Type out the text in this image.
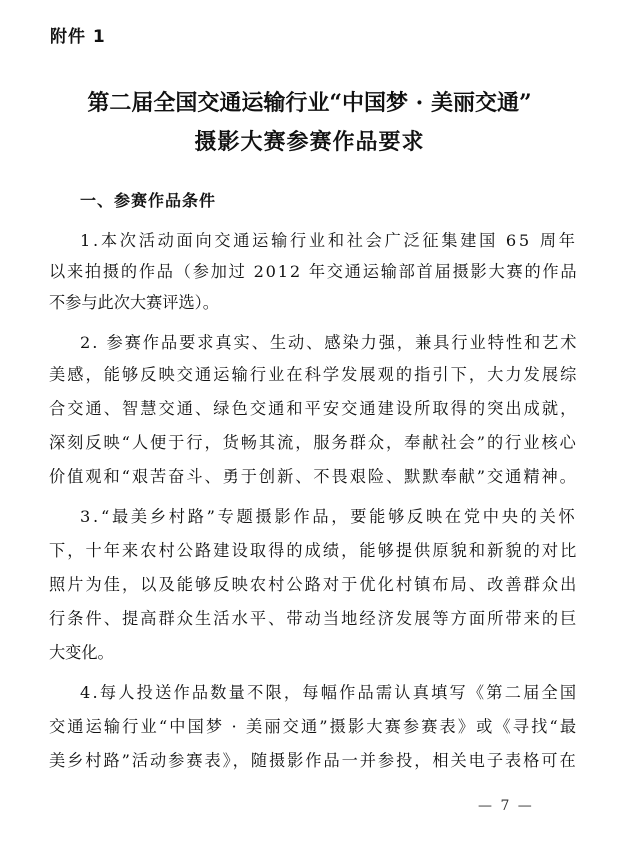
附件 1
第二届全国交通运输行业“中国梦 · 美丽交通”
摄影大赛参赛作品要求
一、参赛作品条件
1.本次活动面向交通运输行业和社会广泛征集建国 65 周年
以来拍摄的作品（参加过 2012 年交通运输部首届摄影大赛的作品
不参与此次大赛评选）。
2. 参赛作品要求真实、生动、感染力强，兼具行业特性和艺术
美感，能够反映交通运输行业在科学发展观的指引下，大力发展综
合交通、智慧交通、绿色交通和平安交通建设所取得的突出成就，
深刻反映“人便于行，货畅其流，服务群众，奉献社会”的行业核心
价值观和“艰苦奋斗、勇于创新、不畏艰险、默默奉献”交通精神。
3.“最美乡村路”专题摄影作品，要能够反映在党中央的关怀
下，十年来农村公路建设取得的成绩，能够提供原貌和新貌的对比
照片为佳，以及能够反映农村公路对于优化村镇布局、改善群众出
行条件、提高群众生活水平、带动当地经济发展等方面所带来的巨
大变化。
4.每人投送作品数量不限，每幅作品需认真填写《第二届全国
交通运输行业“中国梦 · 美丽交通”摄影大赛参赛表》或《寻找“最
美乡村路”活动参赛表》，随摄影作品一并参投，相关电子表格可在
— 7 —
